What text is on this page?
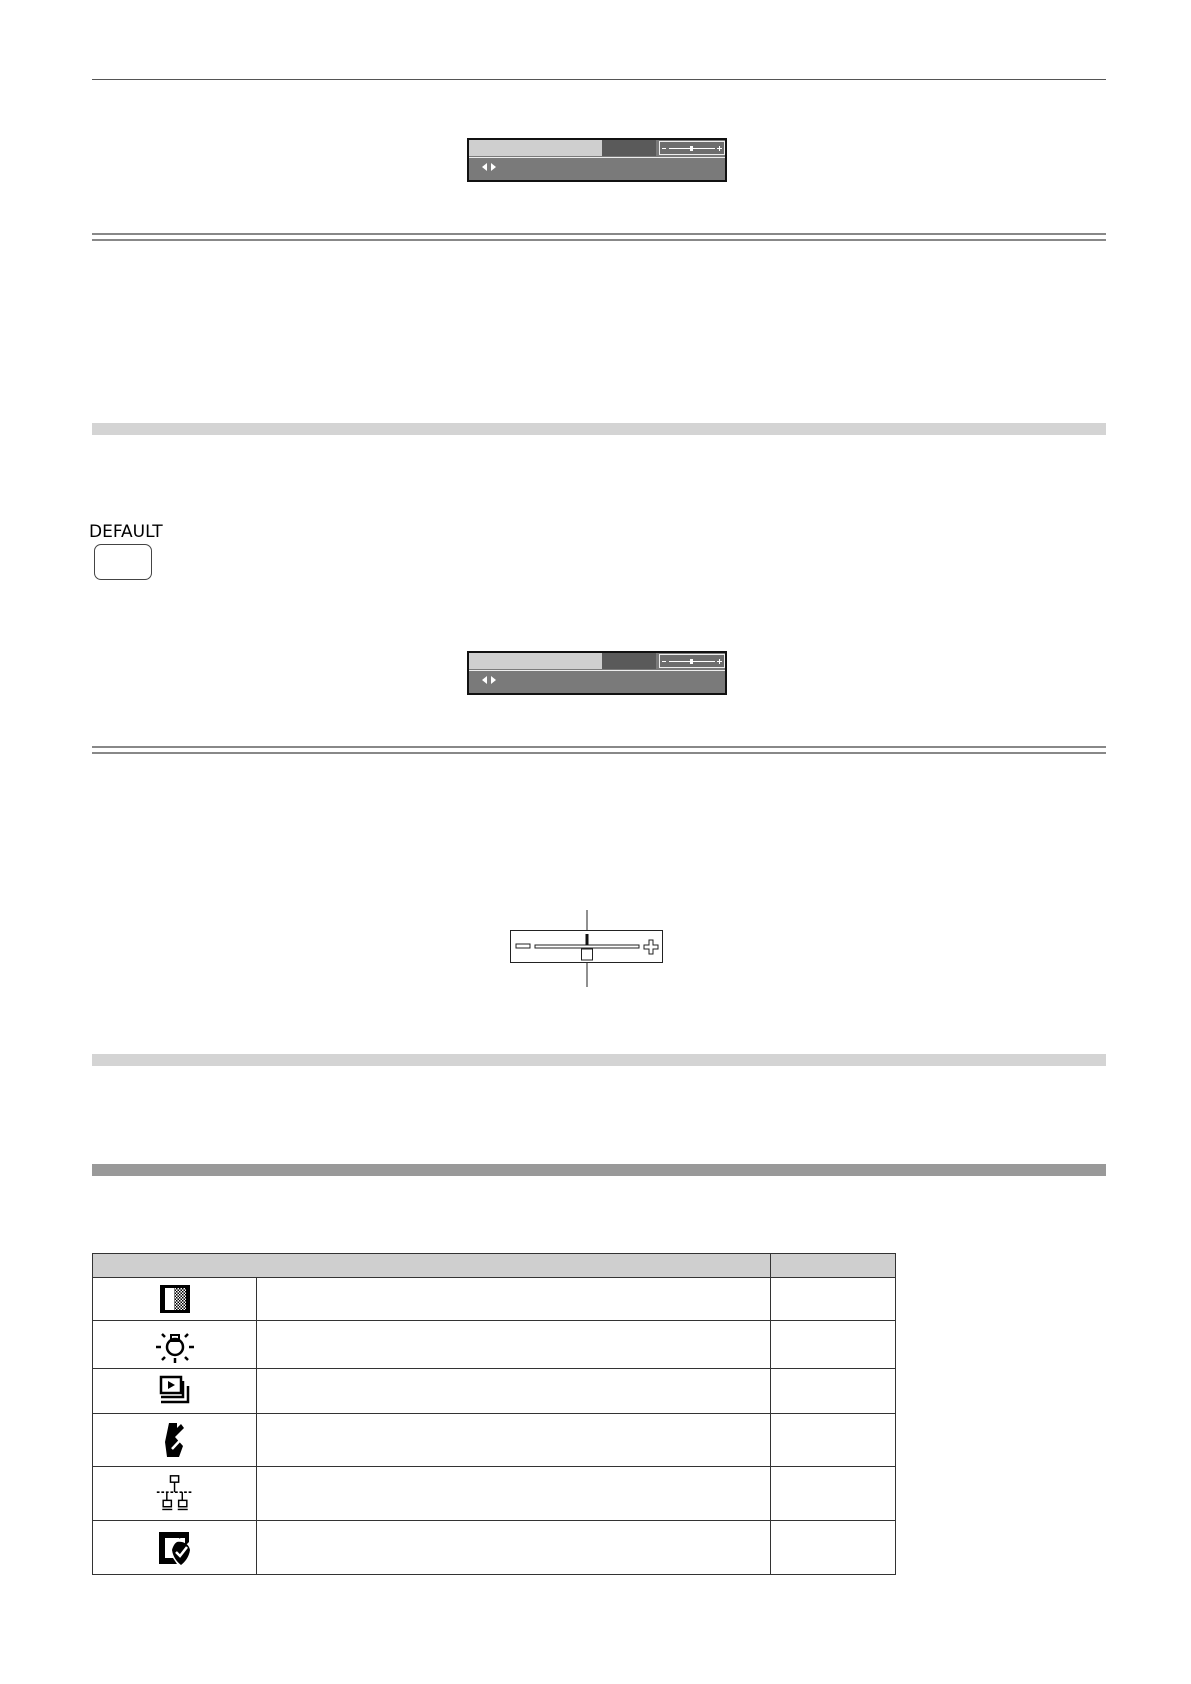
DEFAULT
